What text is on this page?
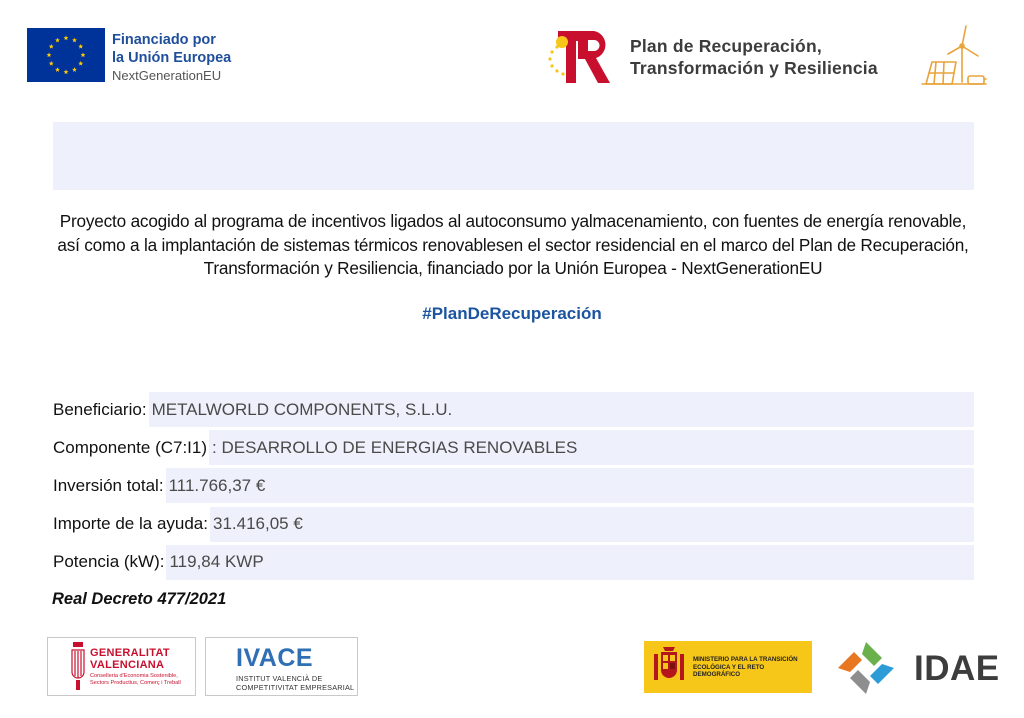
Financiado por
la Unión Europea
NextGenerationEU
Plan de Recuperación,
Transformación y Resiliencia
Proyecto acogido al programa de incentivos ligados al autoconsumo yalmacenamiento, con fuentes de energía renovable, así como a la implantación de sistemas térmicos renovablesen el sector residencial en el marco del Plan de Recuperación, Transformación y Resiliencia, financiado por la Unión Europea - NextGenerationEU
#PlanDeRecuperación
Beneficiario: METALWORLD COMPONENTS, S.L.U.
Componente (C7:I1) : DESARROLLO DE ENERGIAS RENOVABLES
Inversión total: 111.766,37 €
Importe de la ayuda: 31.416,05 €
Potencia (kW): 119,84 KWP
Real Decreto 477/2021
GENERALITAT
VALENCIANA
Conselleria d'Economia Sostenible, Sectors Productius, Comerç i Treball
IVACE
INSTITUT VALENCIÀ DE COMPETITIVITAT EMPRESARIAL
MINISTERIO PARA LA TRANSICIÓN ECOLÓGICA Y EL RETO DEMOGRÁFICO	IDAE
